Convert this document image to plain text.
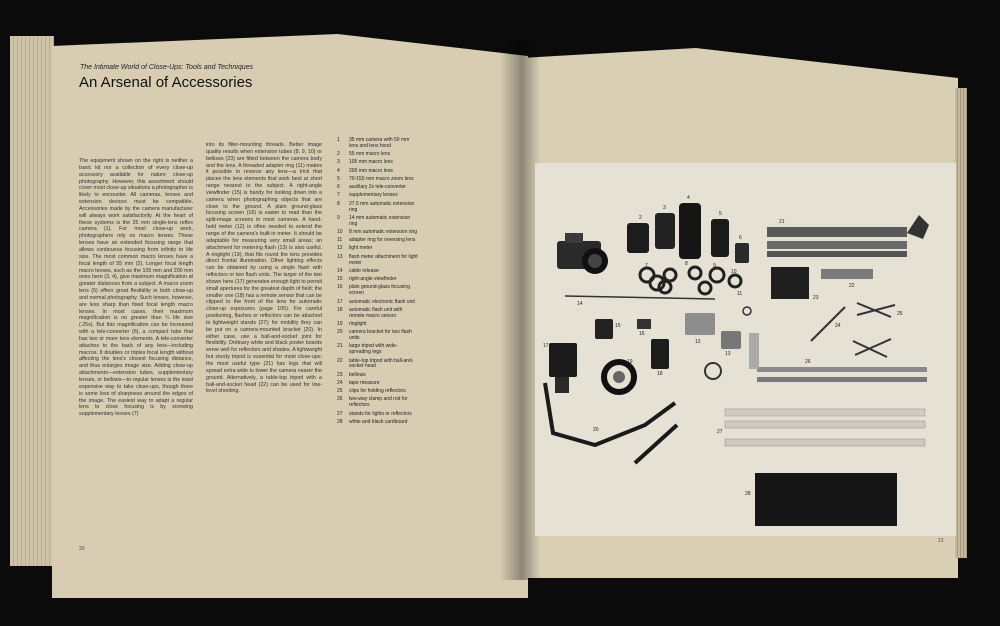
The Intimate World of Close-Ups: Tools and Techniques
An Arsenal of Accessories
The equipment shown on the right is neither a basic kit nor a collection of every close-up accessory available for nature close-up photography. However, this assortment should cover most close-up situations a photographer is likely to encounter. All cameras, lenses and extension devices must be compatible. Accessories made by the camera manufacturer will always work satisfactorily. At the heart of these systems is the 35 mm single-lens reflex camera (1). For most close-up work, photographers rely on macro lenses. These lenses have an extended focusing range that allows continuous focusing from infinity to life size. The most common macro lenses have a focal length of 55 mm (2). Longer focal length macro lenses, such as the 105 mm and 200 mm ones here (3, 4), give maximum magnification at greater distances from a subject. A macro zoom lens (5) offers great flexibility in both close-up and normal photography. Such lenses, however, are less sharp than fixed focal length macro lenses. In most cases, their maximum magnification is no greater than ¼ life size (.25x). But this magnification can be increased with a tele-converter (6), a compact tube that has two or more lens elements. A tele-converter attaches to the back of any lens—including macros. It doubles or triples focal length without affecting the lens's closest focusing distance, and thus enlarges image size. Adding close-up attachments—extension tubes, supplementary lenses, or bellows—to regular lenses is the least expensive way to take close-ups, though there is some loss of sharpness around the edges of the image. The easiest way to adapt a regular lens to close focusing is by screwing supplementary lenses (7)
into its filter-mounting threads. Better image quality results when extension tubes (8, 9, 10) or bellows (23) are fitted between the camera body and the lens. A threaded adapter ring (11) makes it possible to reverse any lens—a trick that places the lens elements that work best at short range nearest to the subject. A right-angle viewfinder (15) is handy for looking down into a camera when photographing objects that are close to the ground. A plain ground-glass focusing screen (16) is easier to read than the split-image screens in most cameras. A hand-held meter (12) is often needed to extend the range of the camera's built-in meter. It should be adaptable for measuring very small areas; an attachment for metering flash (13) is also useful. A ringlight (19), that fits round the lens provides direct frontal illumination. Other lighting effects can be obtained by using a single flash with reflectors or two flash units. The larger of the two shown here (17) generates enough light to permit small apertures for the greatest depth of field; the smaller one (18) has a remote sensor that can be clipped to the front of the lens for automatic close-up exposures (page 105). For careful positioning, flashes or reflectors can be attached to lightweight stands (27); for mobility they can be put on a camera-mounted bracket (20). In either case, use a ball-and-socket joint for flexibility. Ordinary white and black poster boards serve well for reflectors and shades. A lightweight but sturdy tripod is essential for most close-ups; the most useful type (21) has legs that will spread extra wide to lower the camera nearer the ground. Alternatively, a table-top tripod with a ball-and-socket head (22) can be used for low-level shooting.
1	35 mm camera with 50 mm lens and lens hood
2	55 mm macro lens
3	105 mm macro lens
4	200 mm macro lens
5	70-150 mm macro zoom lens
6	auxiliary 2x tele-converter
7	supplementary lenses
8	27.5 mm automatic extension ring
9	14 mm automatic extension ring
10	8 mm automatic extension ring
11	adapter ring for reversing lens
12	light meter
13	flash meter attachment for light meter
14	cable release
15	right-angle viewfinder
16	plain ground-glass focusing screen
17	automatic electronic flash unit
18	automatic flash unit with remote macro sensor
19	ringlight
20	camera bracket for two flash units
21	large tripod with wide-spreading legs
22	table-top tripod with ball-and-socket head
23	bellows
24	tape measure
25	clips for holding reflectors
26	two-way clamp and rod for reflectors
27	stands for lights or reflectors
28	white and black cardboard
20
21
1
2
3
4
5
6
7	8	9
10
11
12
13
14
15
16
17
18
19
20
21
22
23
24
25
26
27
28
